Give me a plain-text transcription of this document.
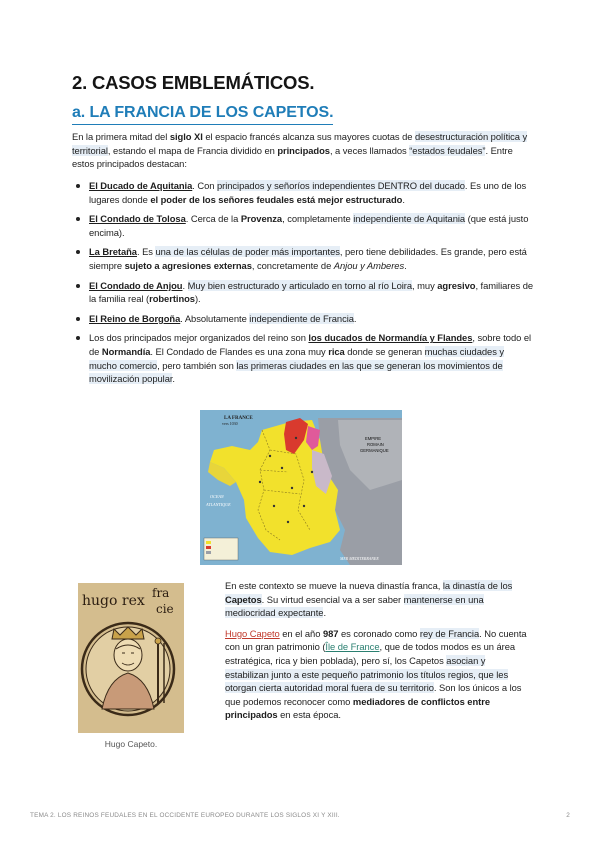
2. CASOS EMBLEMÁTICOS.
a. LA FRANCIA DE LOS CAPETOS.
En la primera mitad del siglo XI el espacio francés alcanza sus mayores cuotas de desestructuración política y territorial, estando el mapa de Francia dividido en principados, a veces llamados “estados feudales”. Entre estos principados destacan:
El Ducado de Aquitania. Con principados y señoríos independientes DENTRO del ducado. Es uno de los lugares donde el poder de los señores feudales está mejor estructurado.
El Condado de Tolosa. Cerca de la Provenza, completamente independiente de Aquitania (que está justo encima).
La Bretaña. Es una de las células de poder más importantes, pero tiene debilidades. Es grande, pero está siempre sujeto a agresiones externas, concretamente de Anjou y Amberes.
El Condado de Anjou. Muy bien estructurado y articulado en torno al río Loira, muy agresivo, familiares de la familia real (robertinos).
El Reino de Borgoña. Absolutamente independiente de Francia.
Los dos principados mejor organizados del reino son los ducados de Normandía y Flandes, sobre todo el de Normandía. El Condado de Flandes es una zona muy rica donde se generan muchas ciudades y mucho comercio, pero también son las primeras ciudades en las que se generan los movimientos de movilización popular.
LA FRANCE
vers 1030
EMPIRE
ROMAIN
GERMANIQUE
OCEAN
ATLANTIQUE
MER MEDITERRANEE
hugo rex fra
cie
Hugo Capeto.

En este contexto se mueve la nueva dinastía franca, la dinastía de los Capetos. Su virtud esencial va a ser saber mantenerse en una mediocridad expectante.

Hugo Capeto en el año 987 es coronado como rey de Francia. No cuenta con un gran patrimonio (Île de France, que de todos modos es un área estratégica, rica y bien poblada), pero sí, los Capetos asocian y estabilizan junto a este pequeño patrimonio los títulos regios, que les otorgan cierta autoridad moral fuera de su territorio. Son los únicos a los que podemos reconocer como mediadores de conflictos entre principados en esta época.

TEMA 2. LOS REINOS FEUDALES EN EL OCCIDENTE EUROPEO DURANTE LOS SIGLOS XI Y XIII.	2
